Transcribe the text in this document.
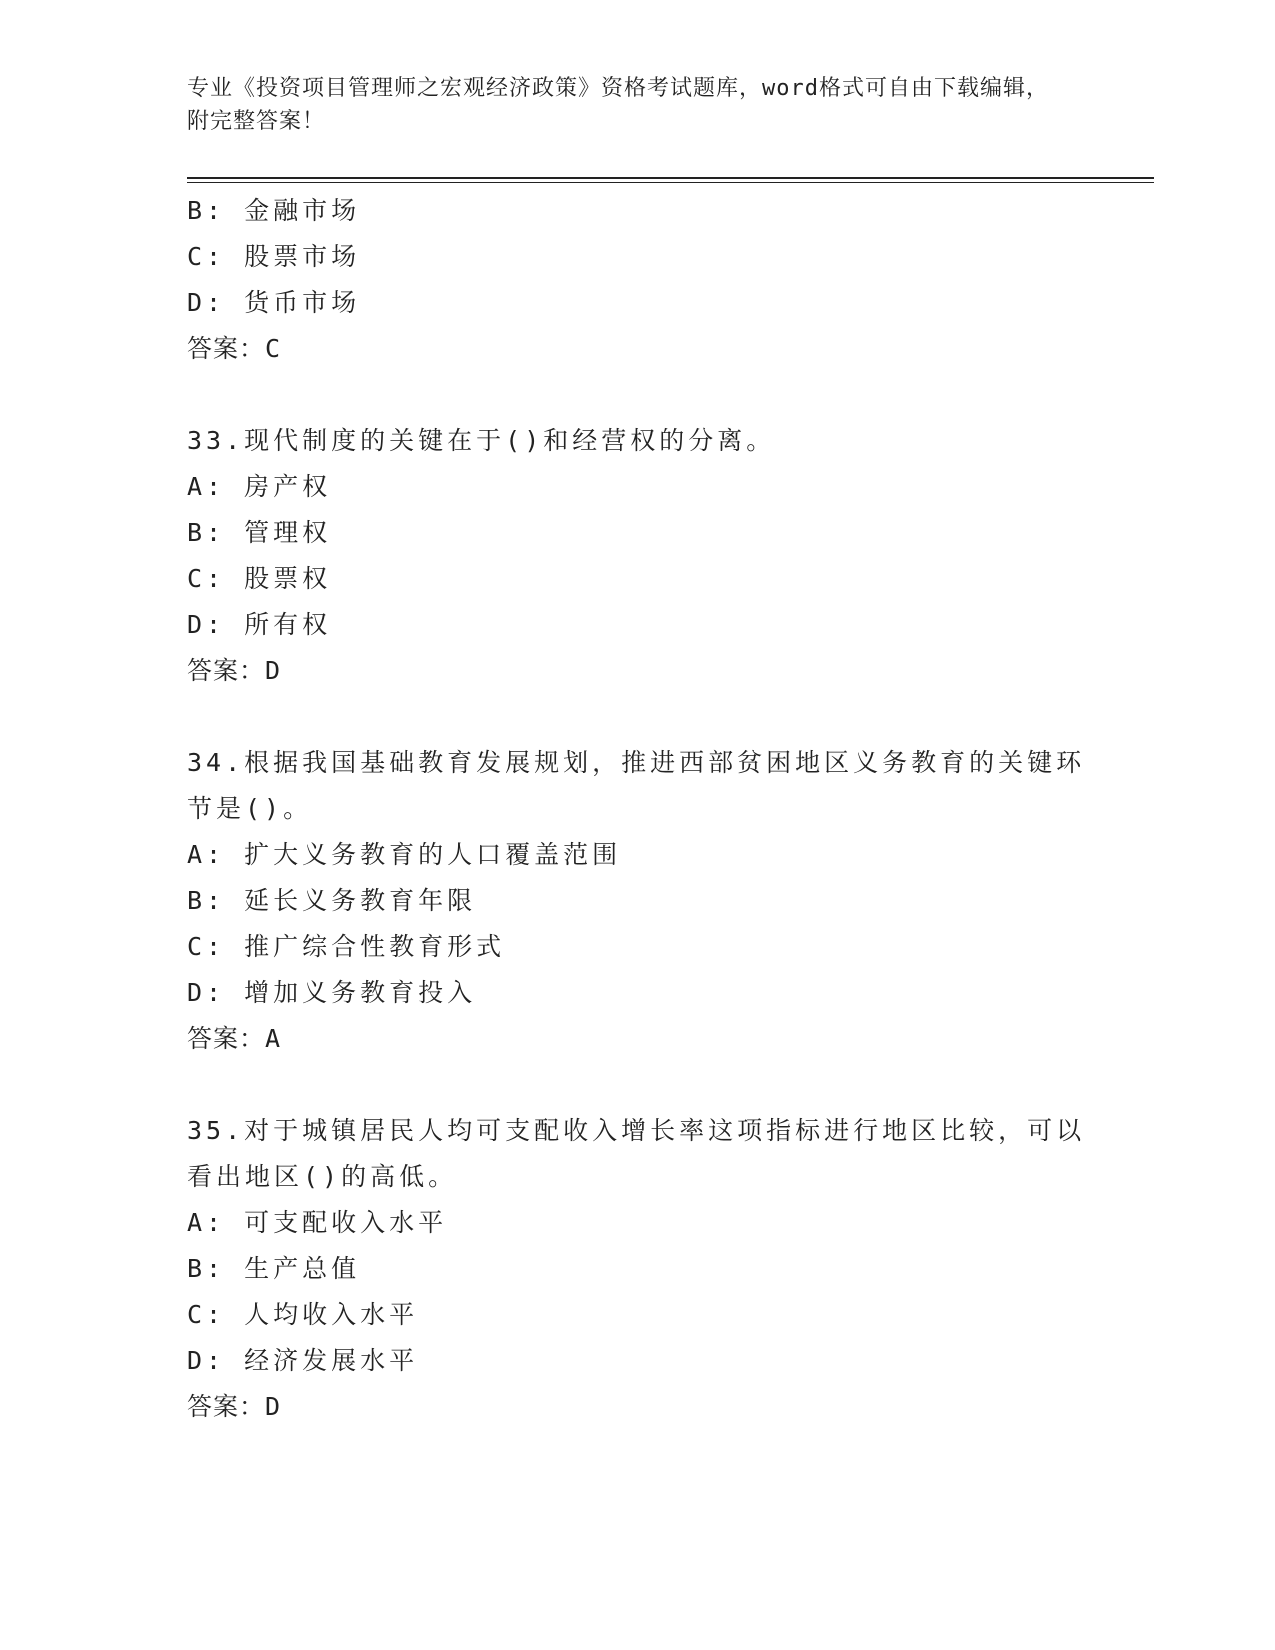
专业《投资项目管理师之宏观经济政策》资格考试题库，word格式可自由下载编辑，附完整答案！
B: 金融市场
C: 股票市场
D: 货币市场
答案：C
33.现代制度的关键在于()和经营权的分离。
A: 房产权
B: 管理权
C: 股票权
D: 所有权
答案：D
34.根据我国基础教育发展规划，推进西部贫困地区义务教育的关键环节是()。
A: 扩大义务教育的人口覆盖范围
B: 延长义务教育年限
C: 推广综合性教育形式
D: 增加义务教育投入
答案：A
35.对于城镇居民人均可支配收入增长率这项指标进行地区比较，可以看出地区()的高低。
A: 可支配收入水平
B: 生产总值
C: 人均收入水平
D: 经济发展水平
答案：D
